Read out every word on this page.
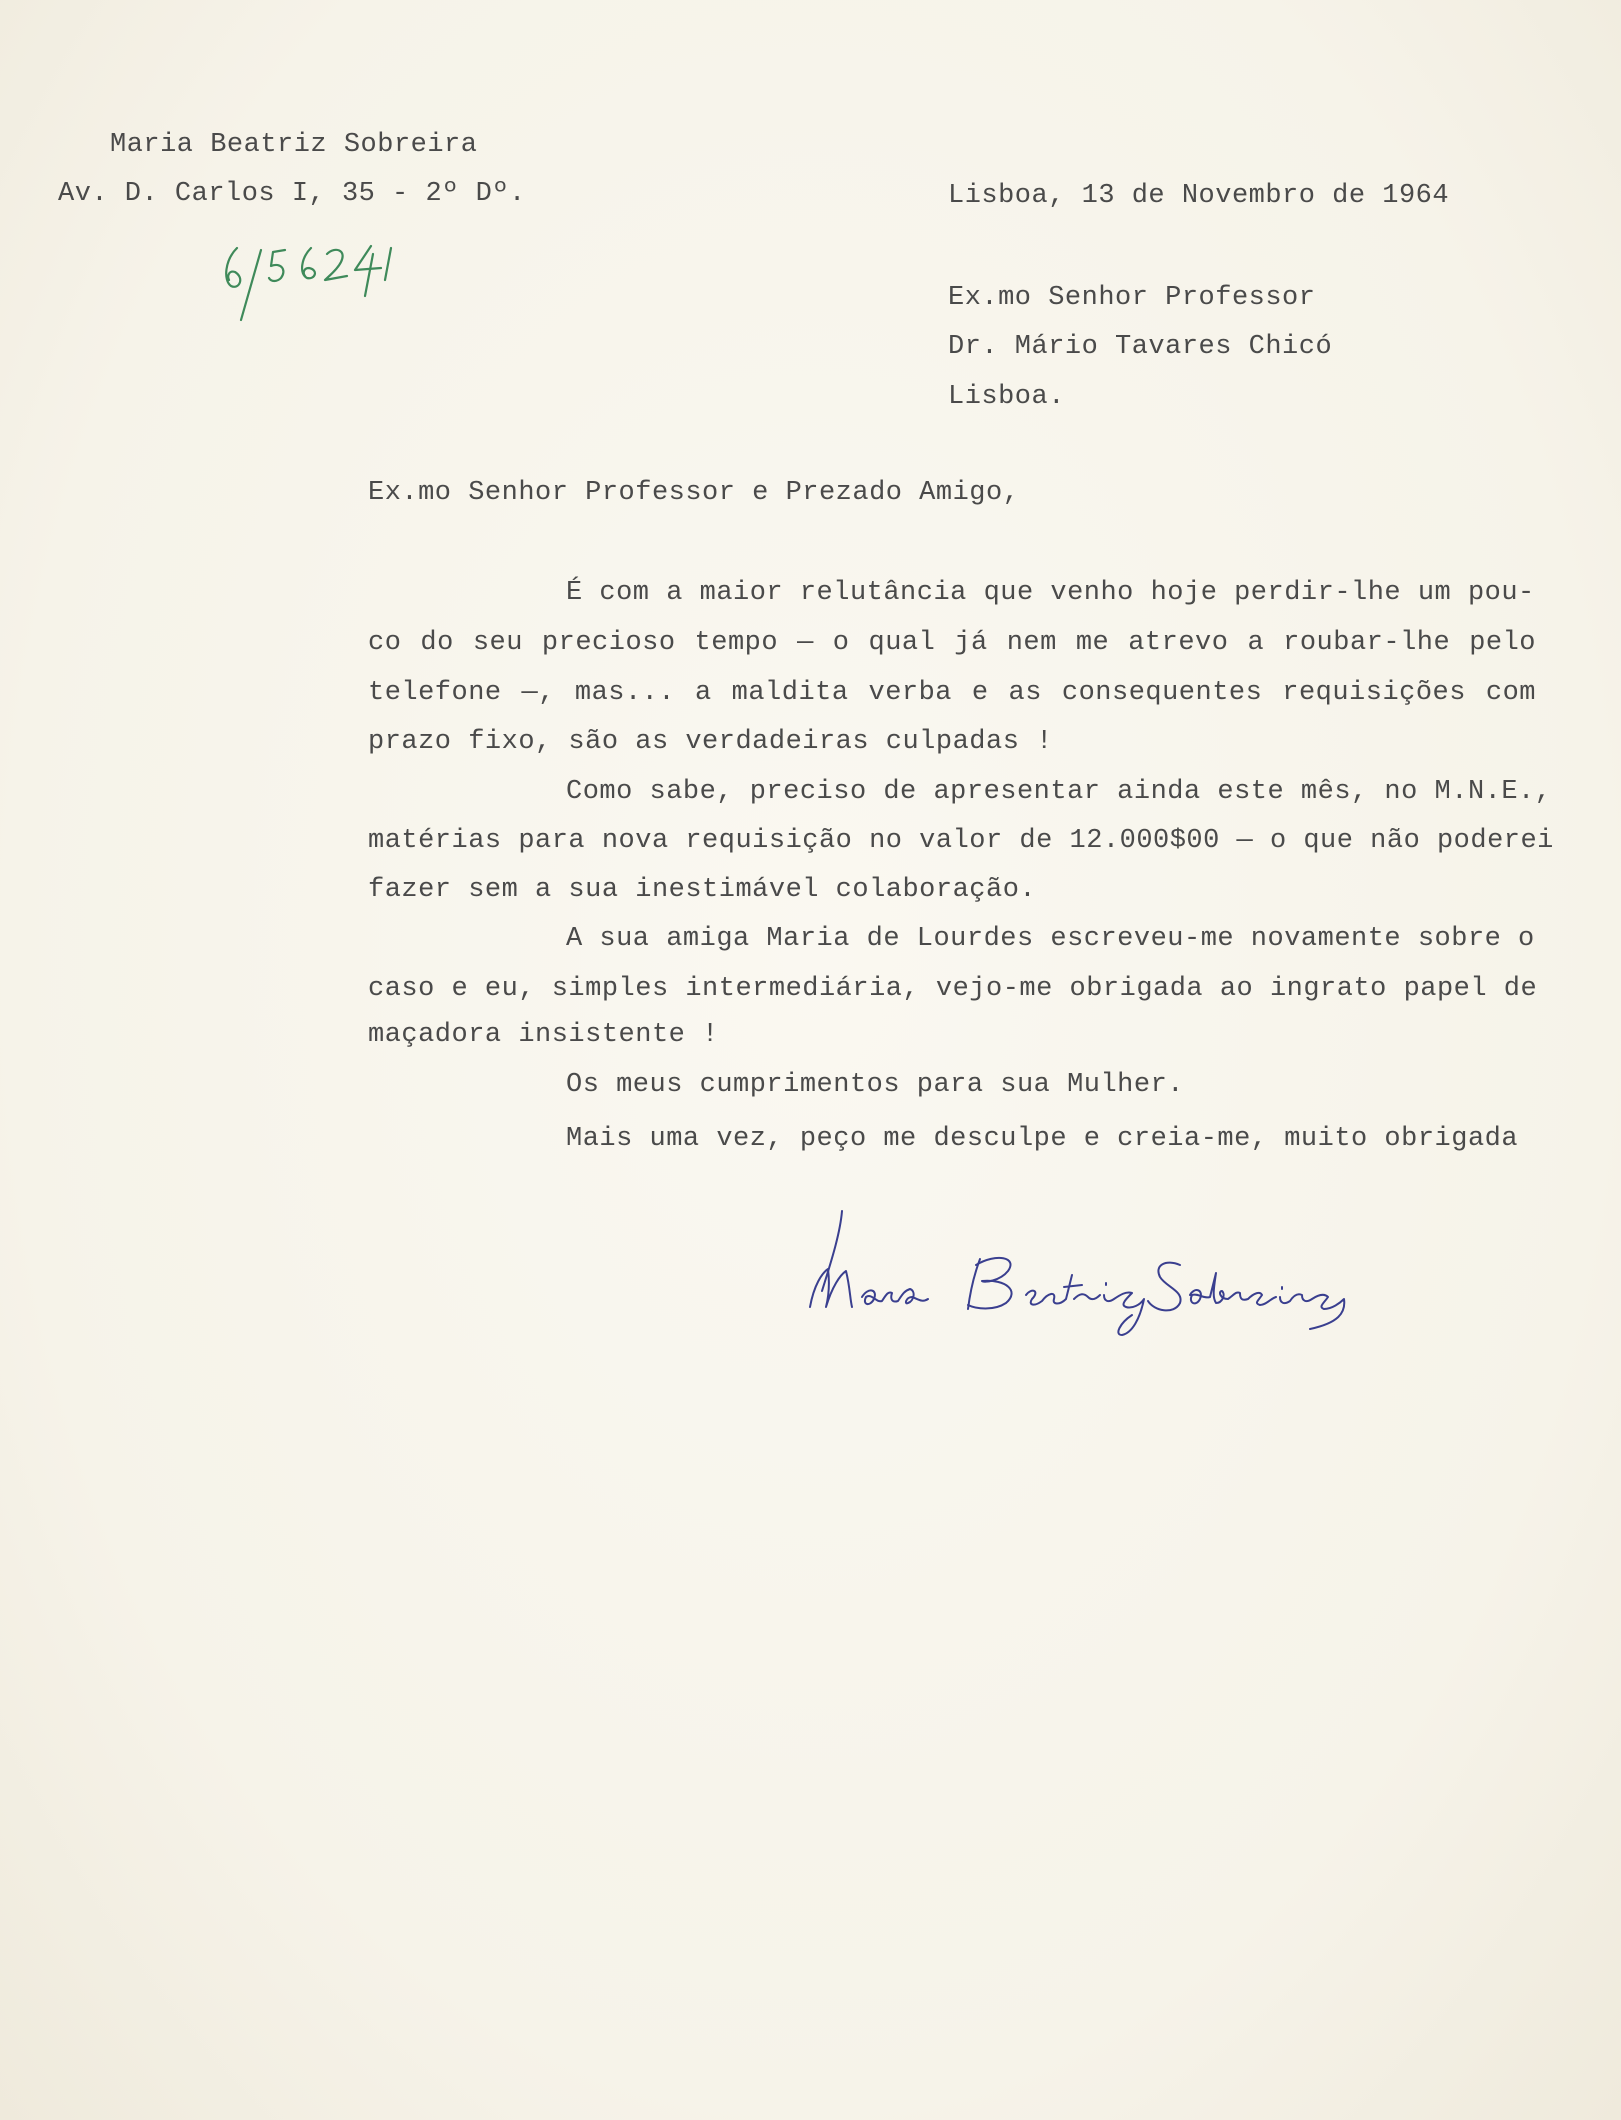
Maria Beatriz Sobreira
Av. D. Carlos I, 35 - 2º Dº.	Lisboa, 13 de Novembro de 1964
Ex.mo Senhor Professor
Dr. Mário Tavares Chicó
Lisboa.
Ex.mo Senhor Professor e Prezado Amigo,
É com a maior relutância que venho hoje perdir-lhe um pou-
co do seu precioso tempo — o qual já nem me atrevo a roubar-lhe pelo
telefone —, mas... a maldita verba e as consequentes requisições com
prazo fixo, são as verdadeiras culpadas !
Como sabe, preciso de apresentar ainda este mês, no M.N.E.,
matérias para nova requisição no valor de 12.000$00 — o que não poderei
fazer sem a sua inestimável colaboração.
A sua amiga Maria de Lourdes escreveu-me novamente sobre o
caso e eu, simples intermediária, vejo-me obrigada ao ingrato papel de
maçadora insistente !
Os meus cumprimentos para sua Mulher.
Mais uma vez, peço me desculpe e creia-me, muito obrigada
